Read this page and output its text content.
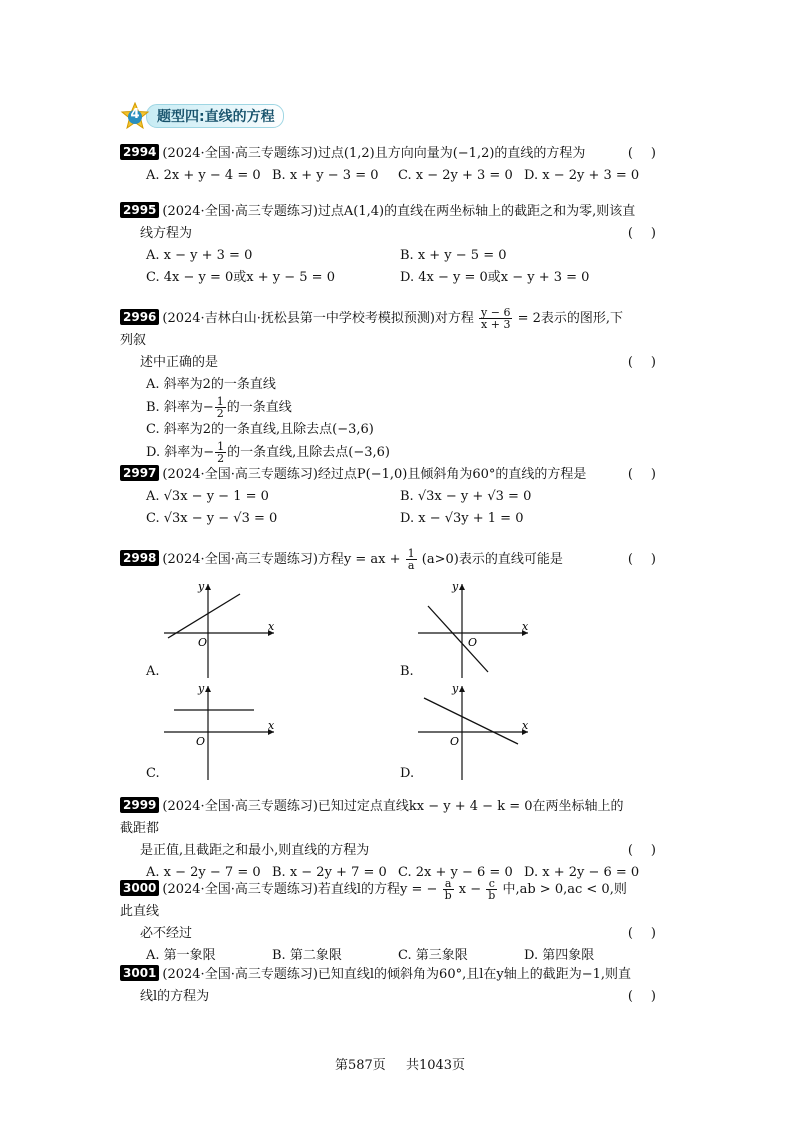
4	题型四:直线的方程
2994 (2024·全国·高三专题练习)过点(1,2)且方向向量为(−1,2)的直线的方程为	()
A. 2x + y − 4 = 0 B. x + y − 3 = 0	C. x − 2y + 3 = 0 D. x − 2y + 3 = 0
2995 (2024·全国·高三专题练习)过点A(1,4)的直线在两坐标轴上的截距之和为零,则该直
线方程为	()
A. x − y + 3 = 0	B. x + y − 5 = 0
C. 4x − y = 0或x + y − 5 = 0	D. 4x − y = 0或x − y + 3 = 0
2996 (2024·吉林白山·抚松县第一中学校考模拟预测)对方程 $\frac{y - 6}{x + 3} = 2$表示的图形,下列叙
述中正确的是	()
A. 斜率为2的一条直线
B. 斜率为− $\frac{1}{2}$ 的一条直线
C. 斜率为2的一条直线,且除去点(−3,6)
D. 斜率为− $\frac{1}{2}$ 的一条直线,且除去点(−3,6)
2997 (2024·全国·高三专题练习)经过点P(−1,0)且倾斜角为60°的直线的方程是	()
A. √3x − y − 1 = 0	B. √3x − y + √3 = 0
C. √3x − y − √3 = 0	D. x − √3y + 1 = 0
2998 (2024·全国·高三专题练习)方程y = ax + $\frac{1}{a} (a>0)$表示的直线可能是	()
O
x
y
A.
O
x
y
B.
O
x
y
C.
O
x
y
D.
2999 (2024·全国·高三专题练习)已知过定点直线kx − y + 4 − k = 0在两坐标轴上的截距都
是正值,且截距之和最小,则直线的方程为	()
A. x − 2y − 7 = 0 B. x − 2y + 7 = 0 C. 2x + y − 6 = 0 D. x + 2y − 6 = 0
3000 (2024·全国·高三专题练习)若直线l的方程y = − $\frac{a}{b}$ $x - \frac{c}{b}$ 中,ab > 0,ac < 0,则此直线
必不经过	()
A. 第一象限	B. 第二象限	C. 第三象限	D. 第四象限
3001 (2024·全国·高三专题练习)已知直线l的倾斜角为60°,且l在y轴上的截距为−1,则直
线l的方程为	()
第587页 共1043页
